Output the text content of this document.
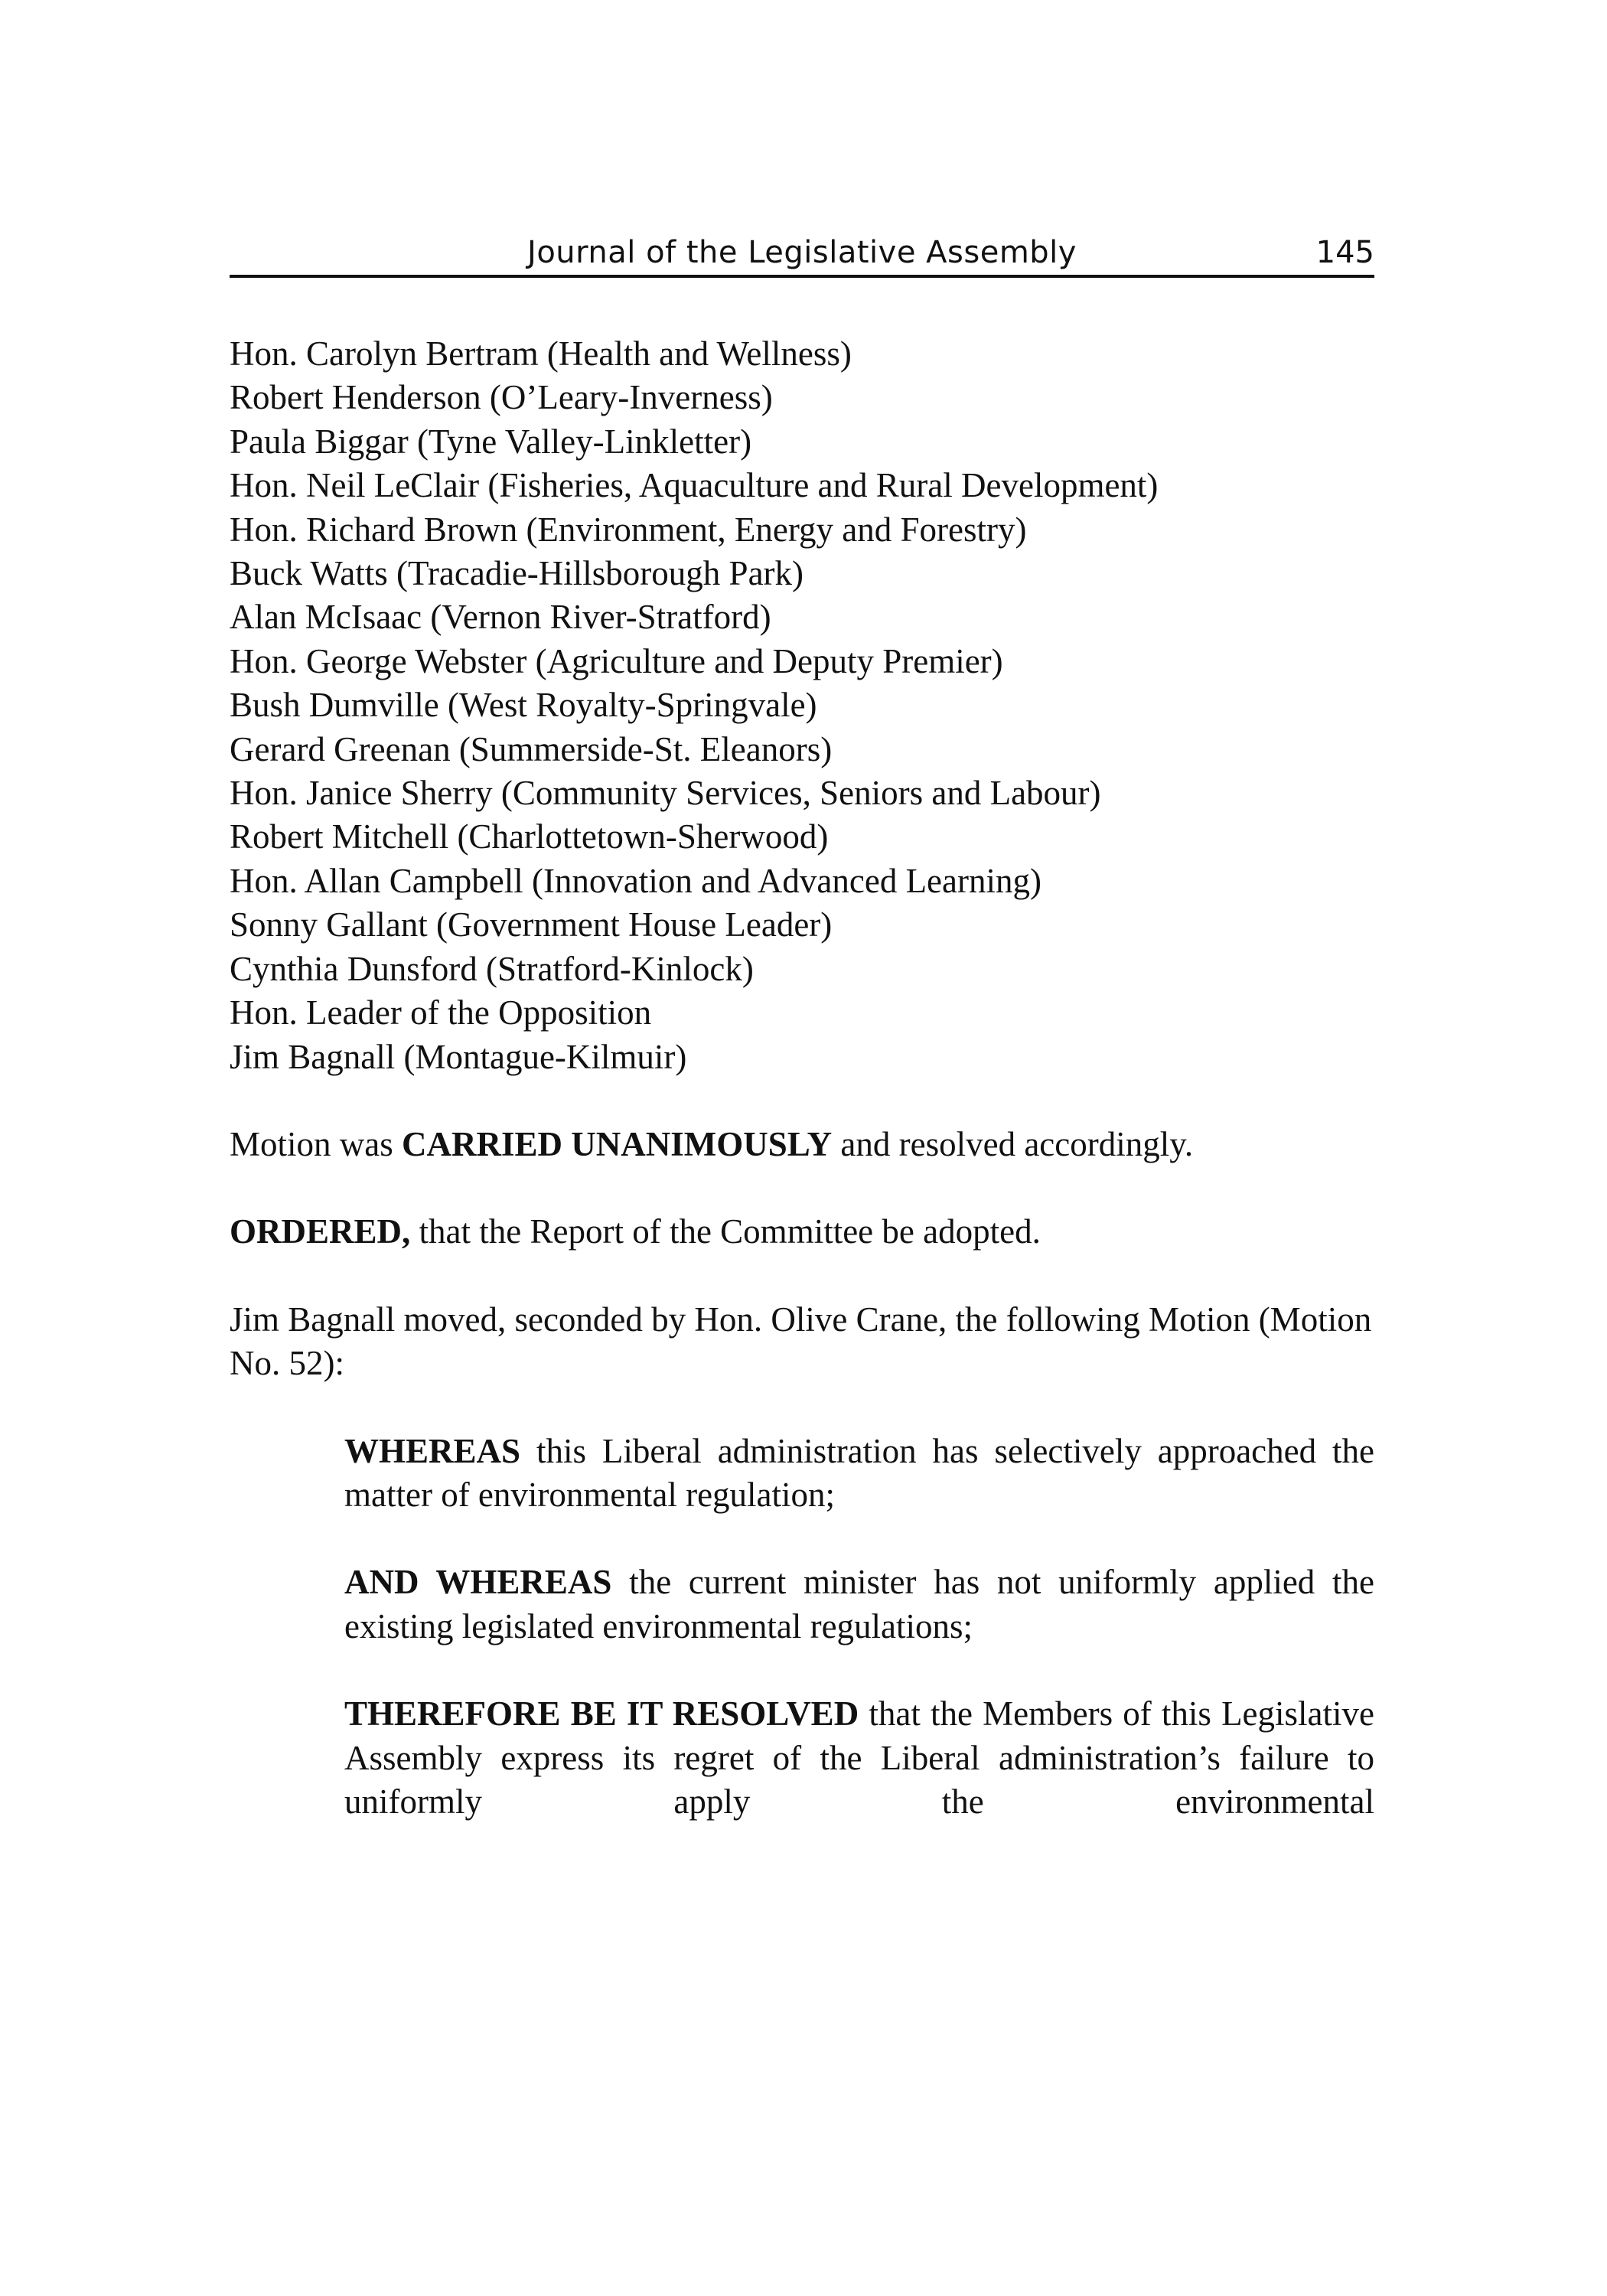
Journal of the Legislative Assembly	145
Hon. Carolyn Bertram (Health and Wellness)
Robert Henderson (O’Leary-Inverness)
Paula Biggar (Tyne Valley-Linkletter)
Hon. Neil LeClair (Fisheries, Aquaculture and Rural Development)
Hon. Richard Brown (Environment, Energy and Forestry)
Buck Watts (Tracadie-Hillsborough Park)
Alan McIsaac (Vernon River-Stratford)
Hon. George Webster (Agriculture and Deputy Premier)
Bush Dumville (West Royalty-Springvale)
Gerard Greenan (Summerside-St. Eleanors)
Hon. Janice Sherry (Community Services, Seniors and Labour)
Robert Mitchell (Charlottetown-Sherwood)
Hon. Allan Campbell (Innovation and Advanced Learning)
Sonny Gallant (Government House Leader)
Cynthia Dunsford (Stratford-Kinlock)
Hon. Leader of the Opposition
Jim Bagnall (Montague-Kilmuir)

Motion was CARRIED UNANIMOUSLY and resolved accordingly.

ORDERED, that the Report of the Committee be adopted.

Jim Bagnall moved, seconded by Hon. Olive Crane, the following Motion (Motion No. 52):

WHEREAS this Liberal administration has selectively approached the matter of environmental regulation;

AND WHEREAS the current minister has not uniformly applied the existing legislated environmental regulations;

THEREFORE BE IT RESOLVED that the Members of this Legislative Assembly express its regret of the Liberal administration’s failure to uniformly apply the environmental
